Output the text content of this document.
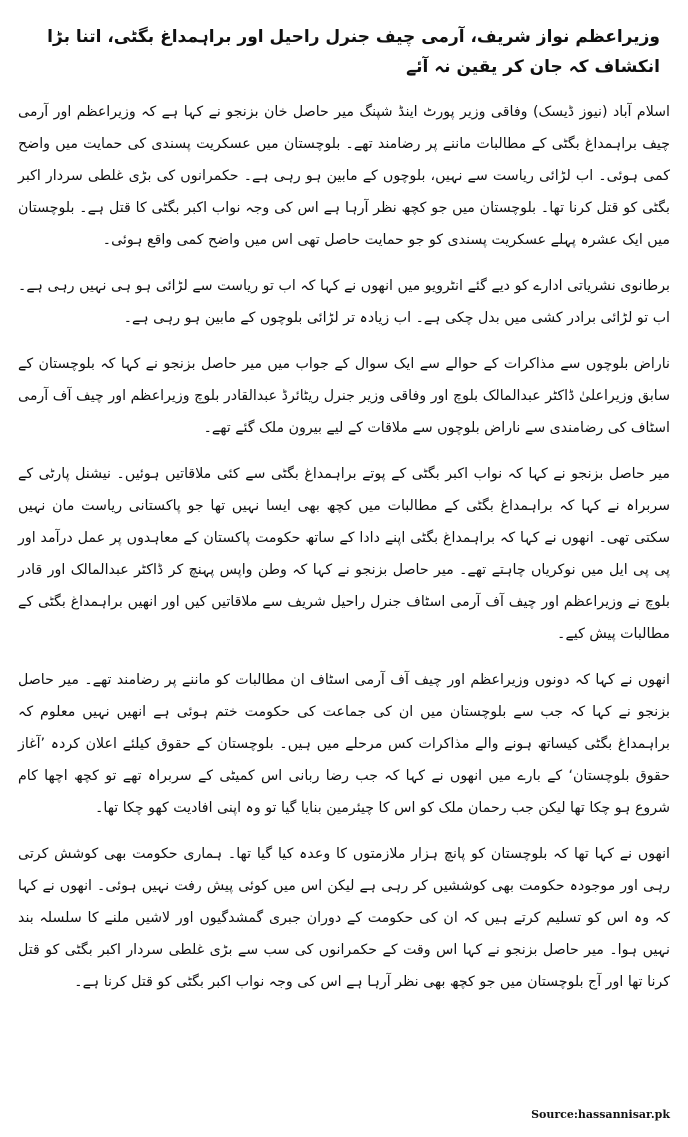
وزیراعظم نواز شریف، آرمی چیف جنرل راحیل اور براہمداغ بگٹی، اتنا بڑا انکشاف کہ جان کر یقین نہ آئے

اسلام آباد (نیوز ڈیسک) وفاقی وزیر پورٹ اینڈ شپنگ میر حاصل خان بزنجو نے کہا ہے کہ وزیراعظم اور آرمی چیف براہمداغ بگٹی کے مطالبات ماننے پر رضامند تھے۔ بلوچستان میں عسکریت پسندی کی حمایت میں واضح کمی ہوئی۔ اب لڑائی ریاست سے نہیں، بلوچوں کے مابین ہو رہی ہے۔ حکمرانوں کی بڑی غلطی سردار اکبر بگٹی کو قتل کرنا تھا۔ بلوچستان میں جو کچھ نظر آرہا ہے اس کی وجہ نواب اکبر بگٹی کا قتل ہے۔ بلوچستان میں ایک عشرہ پہلے عسکریت پسندی کو جو حمایت حاصل تھی اس میں واضح کمی واقع ہوئی۔

برطانوی نشریاتی ادارے کو دیے گئے انٹرویو میں انھوں نے کہا کہ اب تو ریاست سے لڑائی ہو ہی نہیں رہی ہے۔ اب تو لڑائی برادر کشی میں بدل چکی ہے۔ اب زیادہ تر لڑائی بلوچوں کے مابین ہو رہی ہے۔

ناراض بلوچوں سے مذاکرات کے حوالے سے ایک سوال کے جواب میں میر حاصل بزنجو نے کہا کہ بلوچستان کے سابق وزیراعلیٰ ڈاکٹر عبدالمالک بلوچ اور وفاقی وزیر جنرل ریٹائرڈ عبدالقادر بلوچ وزیراعظم اور چیف آف آرمی اسٹاف کی رضامندی سے ناراض بلوچوں سے ملاقات کے لیے بیرون ملک گئے تھے۔

میر حاصل بزنجو نے کہا کہ نواب اکبر بگٹی کے پوتے براہمداغ بگٹی سے کئی ملاقاتیں ہوئیں۔ نیشنل پارٹی کے سربراہ نے کہا کہ براہمداغ بگٹی کے مطالبات میں کچھ بھی ایسا نہیں تھا جو پاکستانی ریاست مان نہیں سکتی تھی۔ انھوں نے کہا کہ براہمداغ بگٹی اپنے دادا کے ساتھ حکومت پاکستان کے معاہدوں پر عمل درآمد اور پی پی ایل میں نوکریاں چاہتے تھے۔ میر حاصل بزنجو نے کہا کہ وطن واپس پہنچ کر ڈاکٹر عبدالمالک اور قادر بلوچ نے وزیراعظم اور چیف آف آرمی اسٹاف جنرل راحیل شریف سے ملاقاتیں کیں اور انھیں براہمداغ بگٹی کے مطالبات پیش کیے۔

انھوں نے کہا کہ دونوں وزیراعظم اور چیف آف آرمی اسٹاف ان مطالبات کو ماننے پر رضامند تھے۔ میر حاصل بزنجو نے کہا کہ جب سے بلوچستان میں ان کی جماعت کی حکومت ختم ہوئی ہے انھیں نہیں معلوم کہ براہمداغ بگٹی کیساتھ ہونے والے مذاکرات کس مرحلے میں ہیں۔ بلوچستان کے حقوق کیلئے اعلان کردہ ’آغاز حقوق بلوچستان‘ کے بارے میں انھوں نے کہا کہ جب رضا ربانی اس کمیٹی کے سربراہ تھے تو کچھ اچھا کام شروع ہو چکا تھا لیکن جب رحمان ملک کو اس کا چیئرمین بنایا گیا تو وہ اپنی افادیت کھو چکا تھا۔

انھوں نے کہا تھا کہ بلوچستان کو پانچ ہزار ملازمتوں کا وعدہ کیا گیا تھا۔ ہماری حکومت بھی کوشش کرتی رہی اور موجودہ حکومت بھی کوششیں کر رہی ہے لیکن اس میں کوئی پیش رفت نہیں ہوئی۔ انھوں نے کہا کہ وہ اس کو تسلیم کرتے ہیں کہ ان کی حکومت کے دوران جبری گمشدگیوں اور لاشیں ملنے کا سلسلہ بند نہیں ہوا۔ میر حاصل بزنجو نے کہا اس وقت کے حکمرانوں کی سب سے بڑی غلطی سردار اکبر بگٹی کو قتل کرنا تھا اور آج بلوچستان میں جو کچھ بھی نظر آرہا ہے اس کی وجہ نواب اکبر بگٹی کو قتل کرنا ہے۔

Source:hassannisar.pk
